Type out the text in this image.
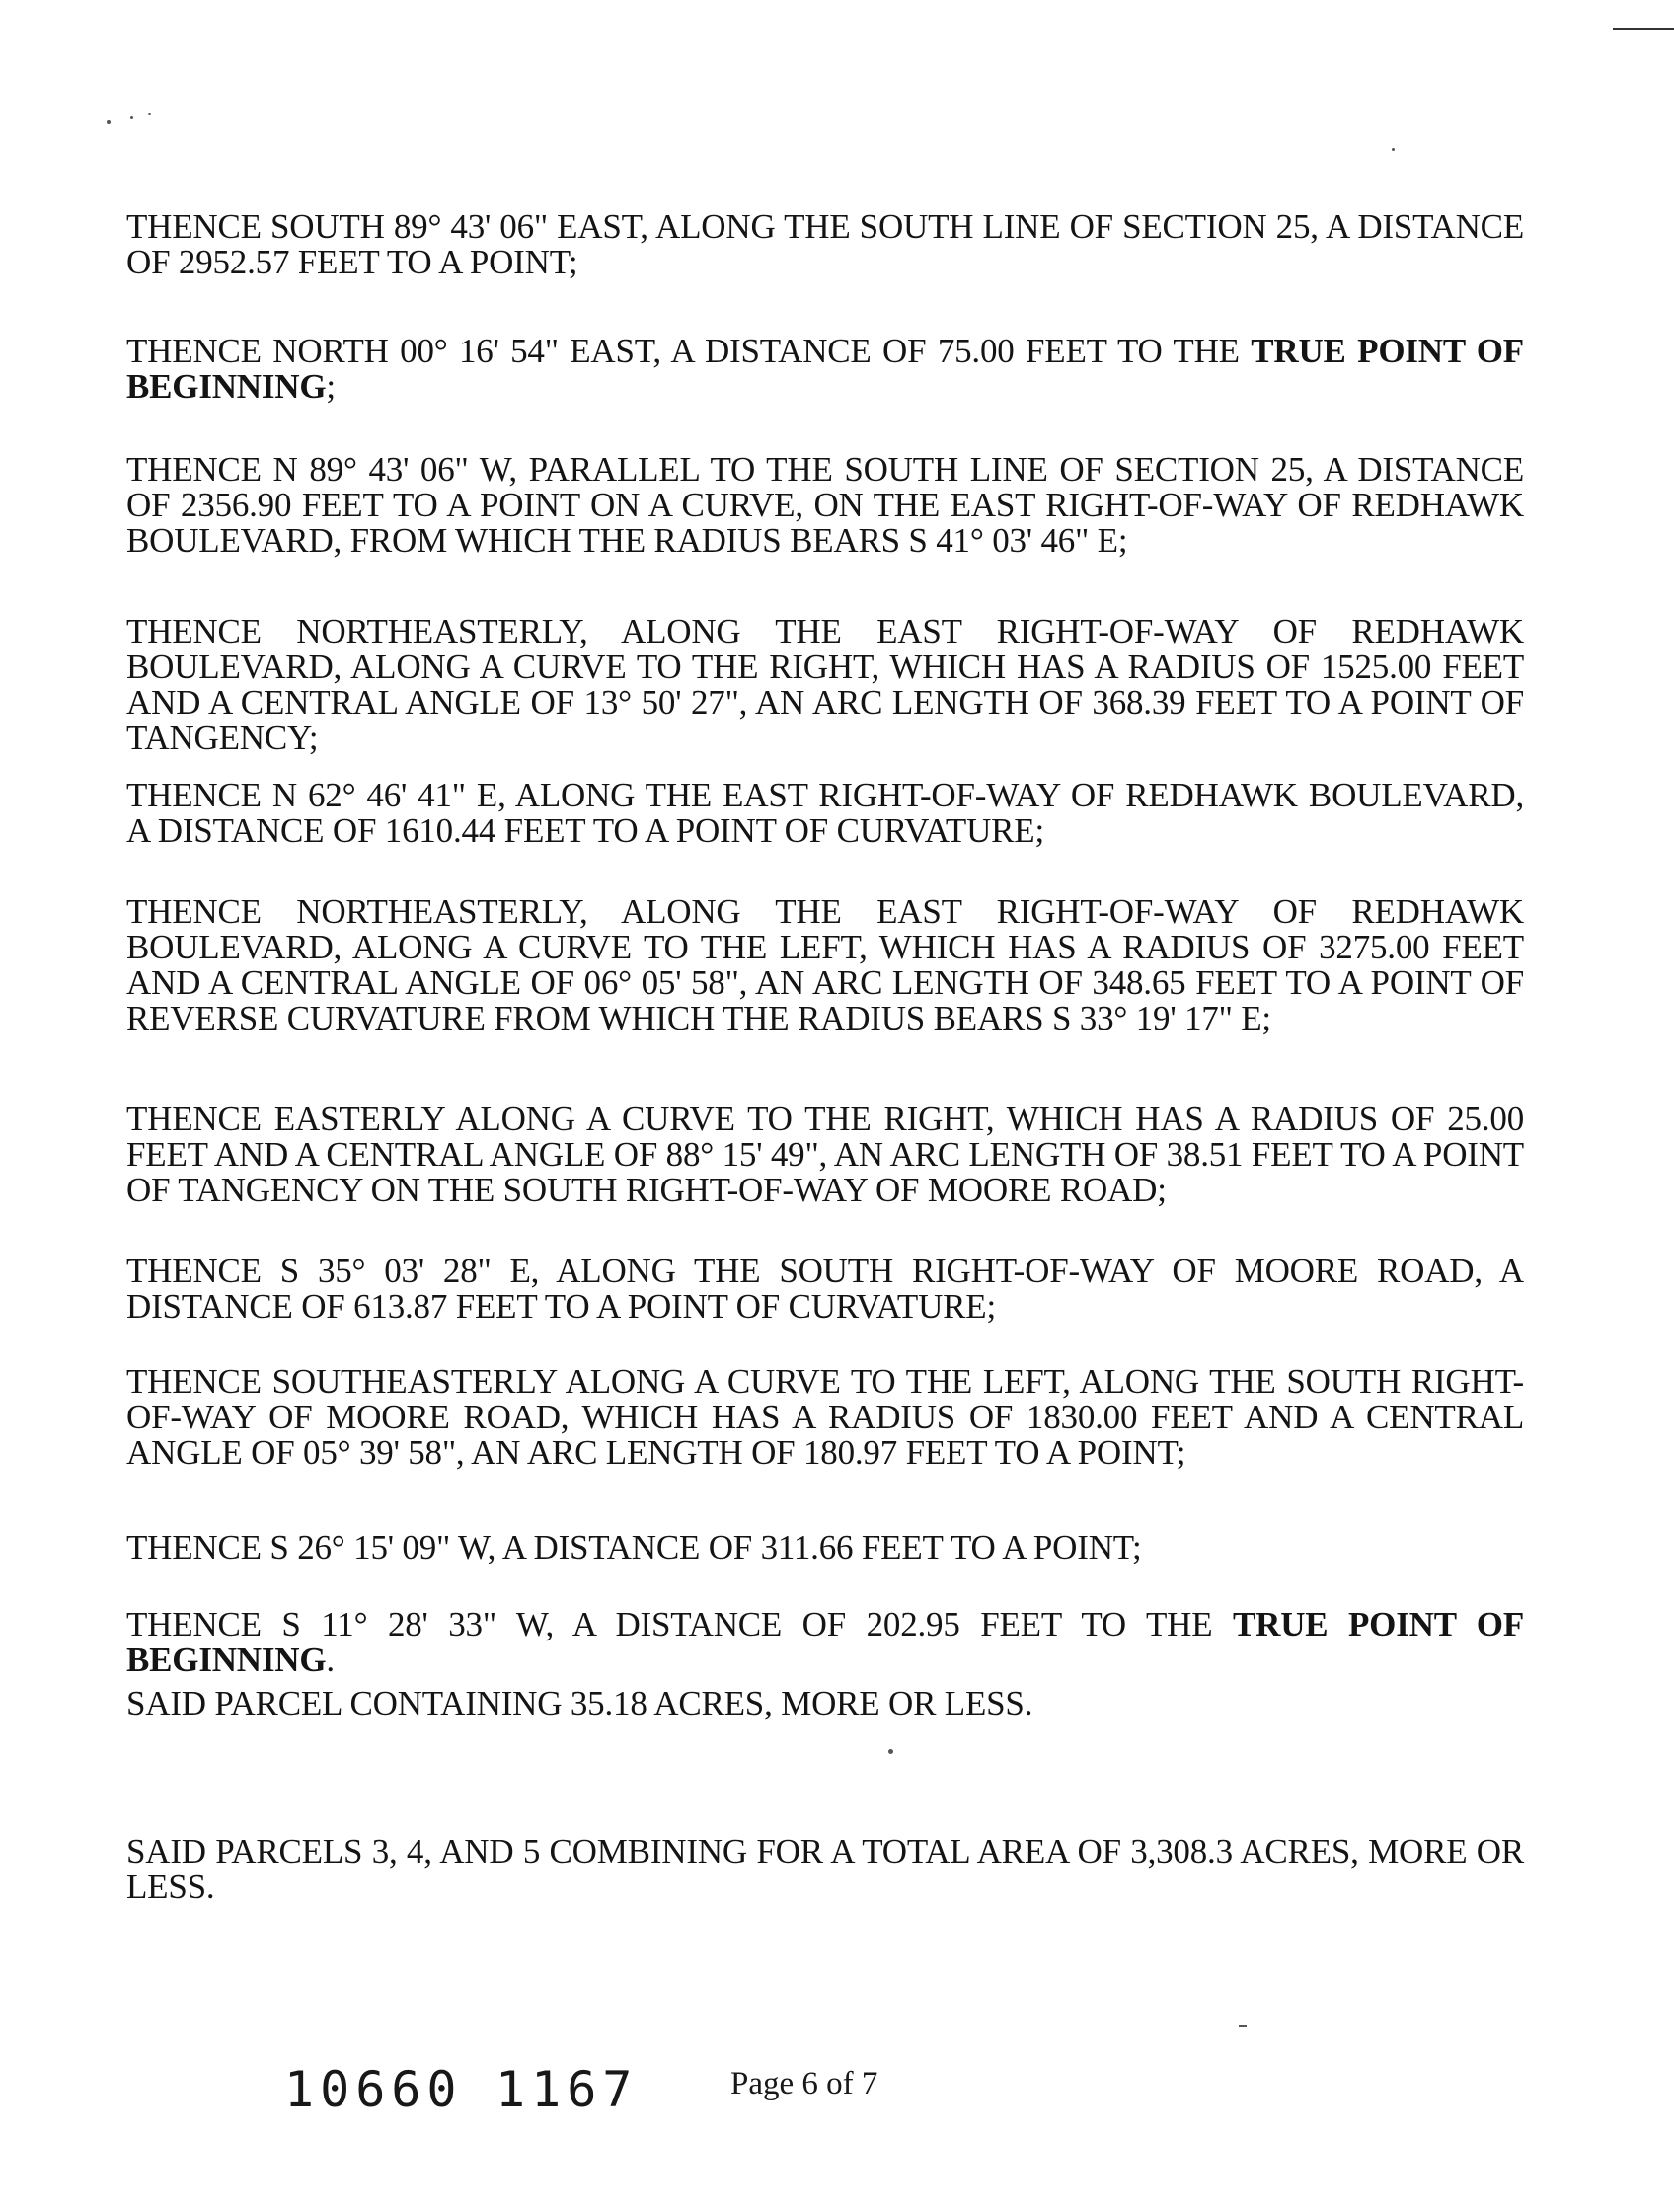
THENCE SOUTH 89° 43' 06" EAST, ALONG THE SOUTH LINE OF SECTION 25, A DISTANCE OF 2952.57 FEET TO A POINT;
THENCE NORTH 00° 16' 54" EAST, A DISTANCE OF 75.00 FEET TO THE TRUE POINT OF BEGINNING;
THENCE N 89° 43' 06" W, PARALLEL TO THE SOUTH LINE OF SECTION 25, A DISTANCE OF 2356.90 FEET TO A POINT ON A CURVE, ON THE EAST RIGHT-OF-WAY OF REDHAWK BOULEVARD, FROM WHICH THE RADIUS BEARS S 41° 03' 46" E;
THENCE NORTHEASTERLY, ALONG THE EAST RIGHT-OF-WAY OF REDHAWK BOULEVARD, ALONG A CURVE TO THE RIGHT, WHICH HAS A RADIUS OF 1525.00 FEET AND A CENTRAL ANGLE OF 13° 50' 27", AN ARC LENGTH OF 368.39 FEET TO A POINT OF TANGENCY;
THENCE N 62° 46' 41" E, ALONG THE EAST RIGHT-OF-WAY OF REDHAWK BOULEVARD, A DISTANCE OF 1610.44 FEET TO A POINT OF CURVATURE;
THENCE NORTHEASTERLY, ALONG THE EAST RIGHT-OF-WAY OF REDHAWK BOULEVARD, ALONG A CURVE TO THE LEFT, WHICH HAS A RADIUS OF 3275.00 FEET AND A CENTRAL ANGLE OF 06° 05' 58", AN ARC LENGTH OF 348.65 FEET TO A POINT OF REVERSE CURVATURE FROM WHICH THE RADIUS BEARS S 33° 19' 17" E;
THENCE EASTERLY ALONG A CURVE TO THE RIGHT, WHICH HAS A RADIUS OF 25.00 FEET AND A CENTRAL ANGLE OF 88° 15' 49", AN ARC LENGTH OF 38.51 FEET TO A POINT OF TANGENCY ON THE SOUTH RIGHT-OF-WAY OF MOORE ROAD;
THENCE S 35° 03' 28" E, ALONG THE SOUTH RIGHT-OF-WAY OF MOORE ROAD, A DISTANCE OF 613.87 FEET TO A POINT OF CURVATURE;
THENCE SOUTHEASTERLY ALONG A CURVE TO THE LEFT, ALONG THE SOUTH RIGHT-OF-WAY OF MOORE ROAD, WHICH HAS A RADIUS OF 1830.00 FEET AND A CENTRAL ANGLE OF 05° 39' 58", AN ARC LENGTH OF 180.97 FEET TO A POINT;
THENCE S 26° 15' 09" W, A DISTANCE OF 311.66 FEET TO A POINT;
THENCE S 11° 28' 33" W, A DISTANCE OF 202.95 FEET TO THE TRUE POINT OF BEGINNING.
SAID PARCEL CONTAINING 35.18 ACRES, MORE OR LESS.
SAID PARCELS 3, 4, AND 5 COMBINING FOR A TOTAL AREA OF 3,308.3 ACRES, MORE OR LESS.
10660 1167	Page 6 of 7
